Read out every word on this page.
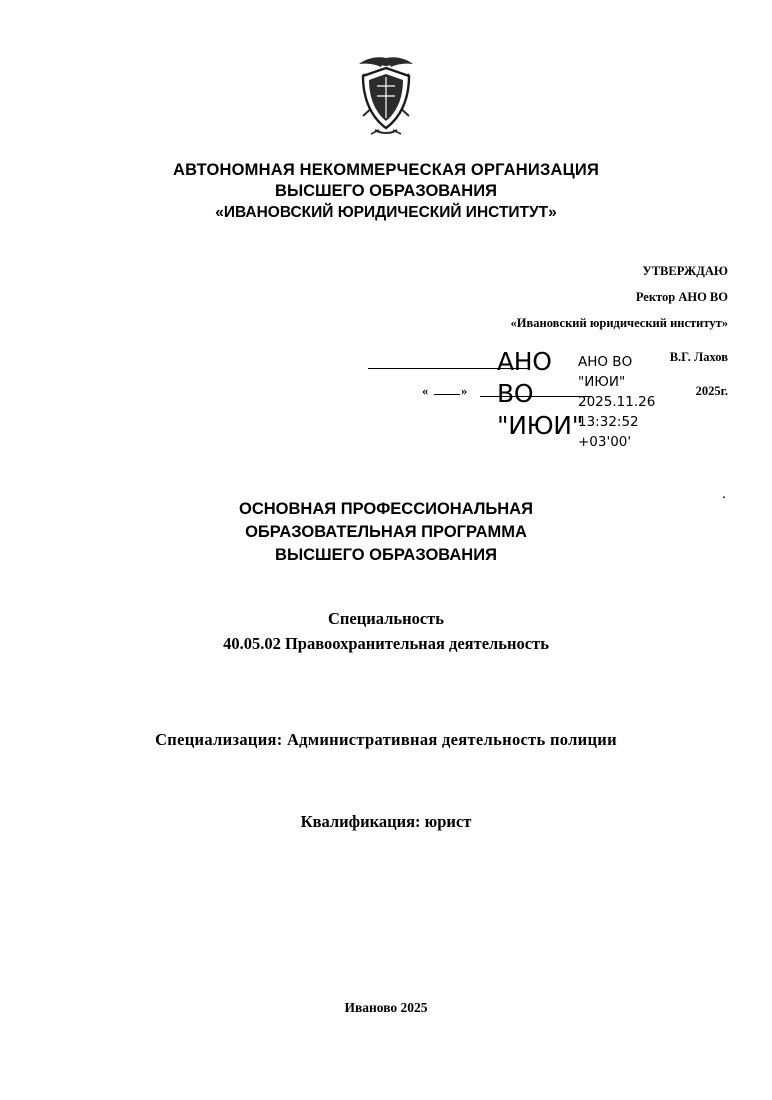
АВТОНОМНАЯ НЕКОММЕРЧЕСКАЯ ОРГАНИЗАЦИЯ
ВЫСШЕГО ОБРАЗОВАНИЯ
«ИВАНОВСКИЙ ЮРИДИЧЕСКИЙ ИНСТИТУТ»
УТВЕРЖДАЮ
Ректор АНО ВО
«Ивановский юридический институт»
В.Г. Лахов
«	»	2025г.
АНО
ВО
"ИЮИ"
АНО ВО
"ИЮИ"
2025.11.26
13:32:52
+03'00'
.
ОСНОВНАЯ ПРОФЕССИОНАЛЬНАЯ
ОБРАЗОВАТЕЛЬНАЯ ПРОГРАММА
ВЫСШЕГО ОБРАЗОВАНИЯ
Специальность
40.05.02 Правоохранительная деятельность
Специализация: Административная деятельность полиции
Квалификация: юрист
Иваново 2025
